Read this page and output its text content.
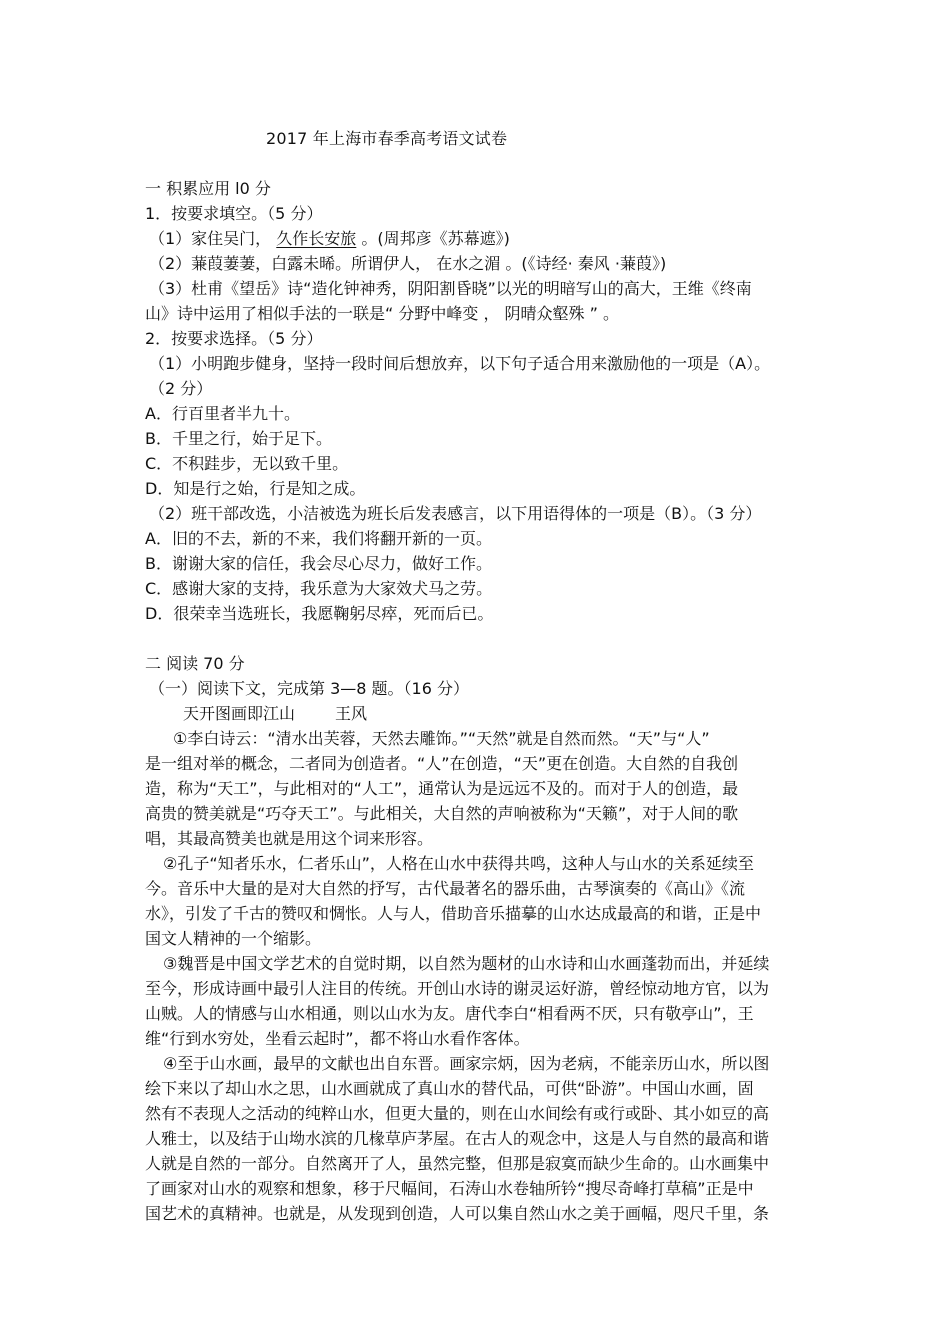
2017 年上海市春季高考语文试卷
一 积累应用 l0 分
1．按要求填空。（5 分）
（1）家住吴门， 久作长安旅 。(周邦彦《苏幕遮》)
（2）蒹葭萋萋，白露未晞。所谓伊人， 在水之湄 。(《诗经· 秦风 ·蒹葭》)
（3）杜甫《望岳》诗“造化钟神秀，阴阳割昏晓”以光的明暗写山的高大，王维《终南
山》诗中运用了相似手法的一联是“ 分野中峰变 ， 阴晴众壑殊 ” 。
2．按要求选择。（5 分）
（1）小明跑步健身，坚持一段时间后想放弃，以下句子适合用来激励他的一项是（A）。
（2 分）
A．行百里者半九十。
B．千里之行，始于足下。
C．不积跬步，无以致千里。
D．知是行之始，行是知之成。
（2）班干部改选，小洁被选为班长后发表感言，以下用语得体的一项是（B）。（3 分）
A．旧的不去，新的不来，我们将翻开新的一页。
B．谢谢大家的信任，我会尽心尽力，做好工作。
C．感谢大家的支持，我乐意为大家效犬马之劳。
D．很荣幸当选班长，我愿鞠躬尽瘁，死而后已。
二 阅读 70 分
（一）阅读下文，完成第 3—8 题。（16 分）
天开图画即江山	王风
①李白诗云：“清水出芙蓉，天然去雕饰。”“天然”就是自然而然。“天”与“人”
是一组对举的概念，二者同为创造者。“人”在创造，“天”更在创造。大自然的自我创
造，称为“天工”，与此相对的“人工”，通常认为是远远不及的。而对于人的创造，最
高贵的赞美就是“巧夺天工”。与此相关，大自然的声响被称为“天籁”，对于人间的歌
唱，其最高赞美也就是用这个词来形容。
②孔子“知者乐水，仁者乐山”，人格在山水中获得共鸣，这种人与山水的关系延续至
今。音乐中大量的是对大自然的抒写，古代最著名的器乐曲，古琴演奏的《高山》《流
水》，引发了千古的赞叹和惆怅。人与人，借助音乐描摹的山水达成最高的和谐，正是中
国文人精神的一个缩影。
③魏晋是中国文学艺术的自觉时期，以自然为题材的山水诗和山水画蓬勃而出，并延续
至今，形成诗画中最引人注目的传统。开创山水诗的谢灵运好游，曾经惊动地方官，以为
山贼。人的情感与山水相通，则以山水为友。唐代李白“相看两不厌，只有敬亭山”，王
维“行到水穷处，坐看云起时”，都不将山水看作客体。
④至于山水画，最早的文献也出自东晋。画家宗炳，因为老病，不能亲历山水，所以图
绘下来以了却山水之思，山水画就成了真山水的替代品，可供“卧游”。中国山水画，固
然有不表现人之活动的纯粹山水，但更大量的，则在山水间绘有或行或卧、其小如豆的高
人雅士，以及结于山坳水滨的几椽草庐茅屋。在古人的观念中，这是人与自然的最高和谐
人就是自然的一部分。自然离开了人，虽然完整，但那是寂寞而缺少生命的。山水画集中
了画家对山水的观察和想象，移于尺幅间，石涛山水卷轴所钤“搜尽奇峰打草稿”正是中
国艺术的真精神。也就是，从发现到创造，人可以集自然山水之美于画幅，咫尺千里，条
